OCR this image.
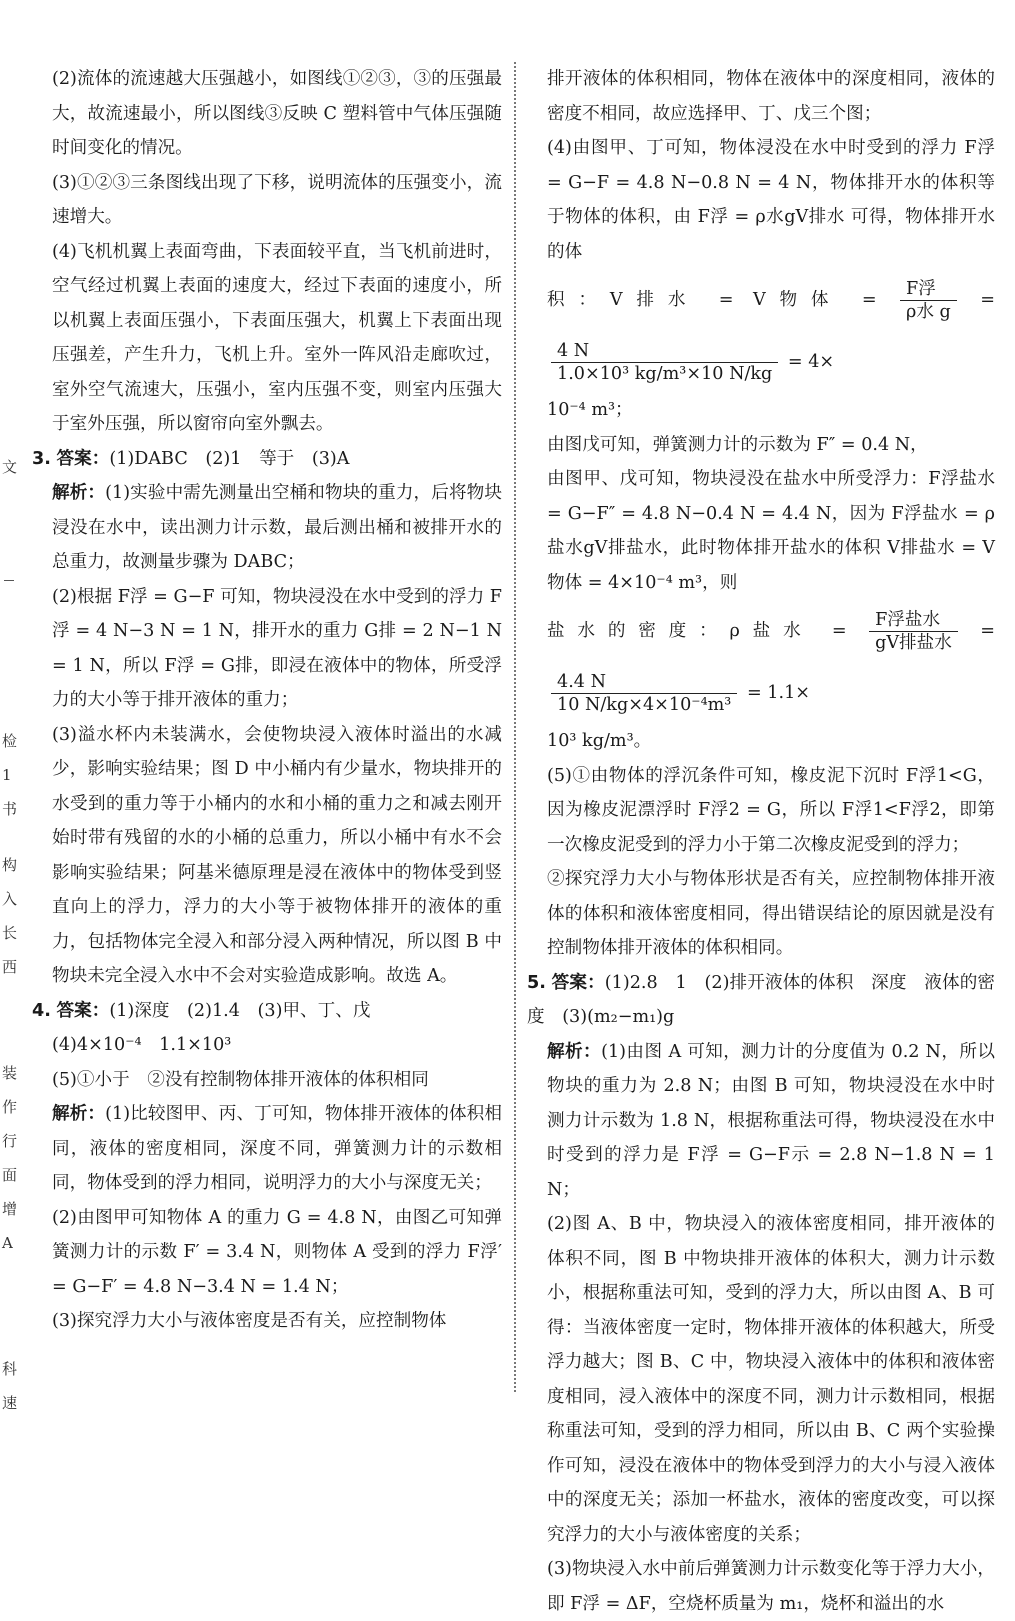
文
检
1
书
构
入
长
西
装
作
行
面
增
A
科
速

(2)流体的流速越大压强越小，如图线①②③，③的压强最大，故流速最小，所以图线③反映 C 塑料管中气体压强随时间变化的情况。

(3)①②③三条图线出现了下移，说明流体的压强变小，流速增大。

(4)飞机机翼上表面弯曲，下表面较平直，当飞机前进时，空气经过机翼上表面的速度大，经过下表面的速度小，所以机翼上表面压强小，下表面压强大，机翼上下表面出现压强差，产生升力，飞机上升。室外一阵风沿走廊吹过，室外空气流速大，压强小，室内压强不变，则室内压强大于室外压强，所以窗帘向室外飘去。

3. 答案：(1)DABC　(2)1　等于　(3)A

解析：(1)实验中需先测量出空桶和物块的重力，后将物块浸没在水中，读出测力计示数，最后测出桶和被排开水的总重力，故测量步骤为 DABC；

(2)根据 F浮 = G−F 可知，物块浸没在水中受到的浮力 F浮 = 4 N−3 N = 1 N，排开水的重力 G排 = 2 N−1 N = 1 N，所以 F浮 = G排，即浸在液体中的物体，所受浮力的大小等于排开液体的重力；

(3)溢水杯内未装满水，会使物块浸入液体时溢出的水减少，影响实验结果；图 D 中小桶内有少量水，物块排开的水受到的重力等于小桶内的水和小桶的重力之和减去刚开始时带有残留的水的小桶的总重力，所以小桶中有水不会影响实验结果；阿基米德原理是浸在液体中的物体受到竖直向上的浮力，浮力的大小等于被物体排开的液体的重力，包括物体完全浸入和部分浸入两种情况，所以图 B 中物块未完全浸入水中不会对实验造成影响。故选 A。

4. 答案：(1)深度　(2)1.4　(3)甲、丁、戊

(4)4×10⁻⁴　1.1×10³

(5)①小于　②没有控制物体排开液体的体积相同

解析：(1)比较图甲、丙、丁可知，物体排开液体的体积相同，液体的密度相同，深度不同，弹簧测力计的示数相同，物体受到的浮力相同，说明浮力的大小与深度无关；

(2)由图甲可知物体 A 的重力 G = 4.8 N，由图乙可知弹簧测力计的示数 F′ = 3.4 N，则物体 A 受到的浮力 F浮′ = G−F′ = 4.8 N−3.4 N = 1.4 N；

(3)探究浮力大小与液体密度是否有关，应控制物体

排开液体的体积相同，物体在液体中的深度相同，液体的密度不相同，故应选择甲、丁、戊三个图；

(4)由图甲、丁可知，物体浸没在水中时受到的浮力 F浮 = G−F = 4.8 N−0.8 N = 4 N，物体排开水的体积等于物体的体积，由 F浮 = ρ水gV排水 可得，物体排开水的体

积：V排水 = V物体 = $\frac{\text{F浮}}{\text{ρ水 g}}$ =
$\frac{4 N}{\text{1.0×10³ kg/m³×10 N/kg}} = 4\times$

10⁻⁴ m³；

由图戊可知，弹簧测力计的示数为 F″ = 0.4 N，

由图甲、戊可知，物块浸没在盐水中所受浮力：F浮盐水 = G−F″ = 4.8 N−0.4 N = 4.4 N，因为 F浮盐水 = ρ盐水gV排盐水，此时物体排开盐水的体积 V排盐水 = V物体 = 4×10⁻⁴ m³，则

盐水的密度：ρ盐水 = $\frac{\text{F浮盐水}}{\text{gV排盐水}}$ =
$\frac{4.4 N}{\text{10 N/kg×4×10⁻⁴m³}} = 1.1\times$

10³ kg/m³。

(5)①由物体的浮沉条件可知，橡皮泥下沉时 F浮1<G，因为橡皮泥漂浮时 F浮2 = G，所以 F浮1<F浮2，即第一次橡皮泥受到的浮力小于第二次橡皮泥受到的浮力；

②探究浮力大小与物体形状是否有关，应控制物体排开液体的体积和液体密度相同，得出错误结论的原因就是没有控制物体排开液体的体积相同。

5. 答案：(1)2.8　1　(2)排开液体的体积　深度　液体的密度　(3)(m₂−m₁)g

解析：(1)由图 A 可知，测力计的分度值为 0.2 N，所以物块的重力为 2.8 N；由图 B 可知，物块浸没在水中时测力计示数为 1.8 N，根据称重法可得，物块浸没在水中时受到的浮力是 F浮 = G−F示 = 2.8 N−1.8 N = 1 N；

(2)图 A、B 中，物块浸入的液体密度相同，排开液体的体积不同，图 B 中物块排开液体的体积大，测力计示数小，根据称重法可知，受到的浮力大，所以由图 A、B 可得：当液体密度一定时，物体排开液体的体积越大，所受浮力越大；图 B、C 中，物块浸入液体中的体积和液体密度相同，浸入液体中的深度不同，测力计示数相同，根据称重法可知，受到的浮力相同，所以由 B、C 两个实验操作可知，浸没在液体中的物体受到浮力的大小与浸入液体中的深度无关；添加一杯盐水，液体的密度改变，可以探究浮力的大小与液体密度的关系；

(3)物块浸入水中前后弹簧测力计示数变化等于浮力大小，即 F浮 = ΔF，空烧杯质量为 m₁，烧杯和溢出的水
